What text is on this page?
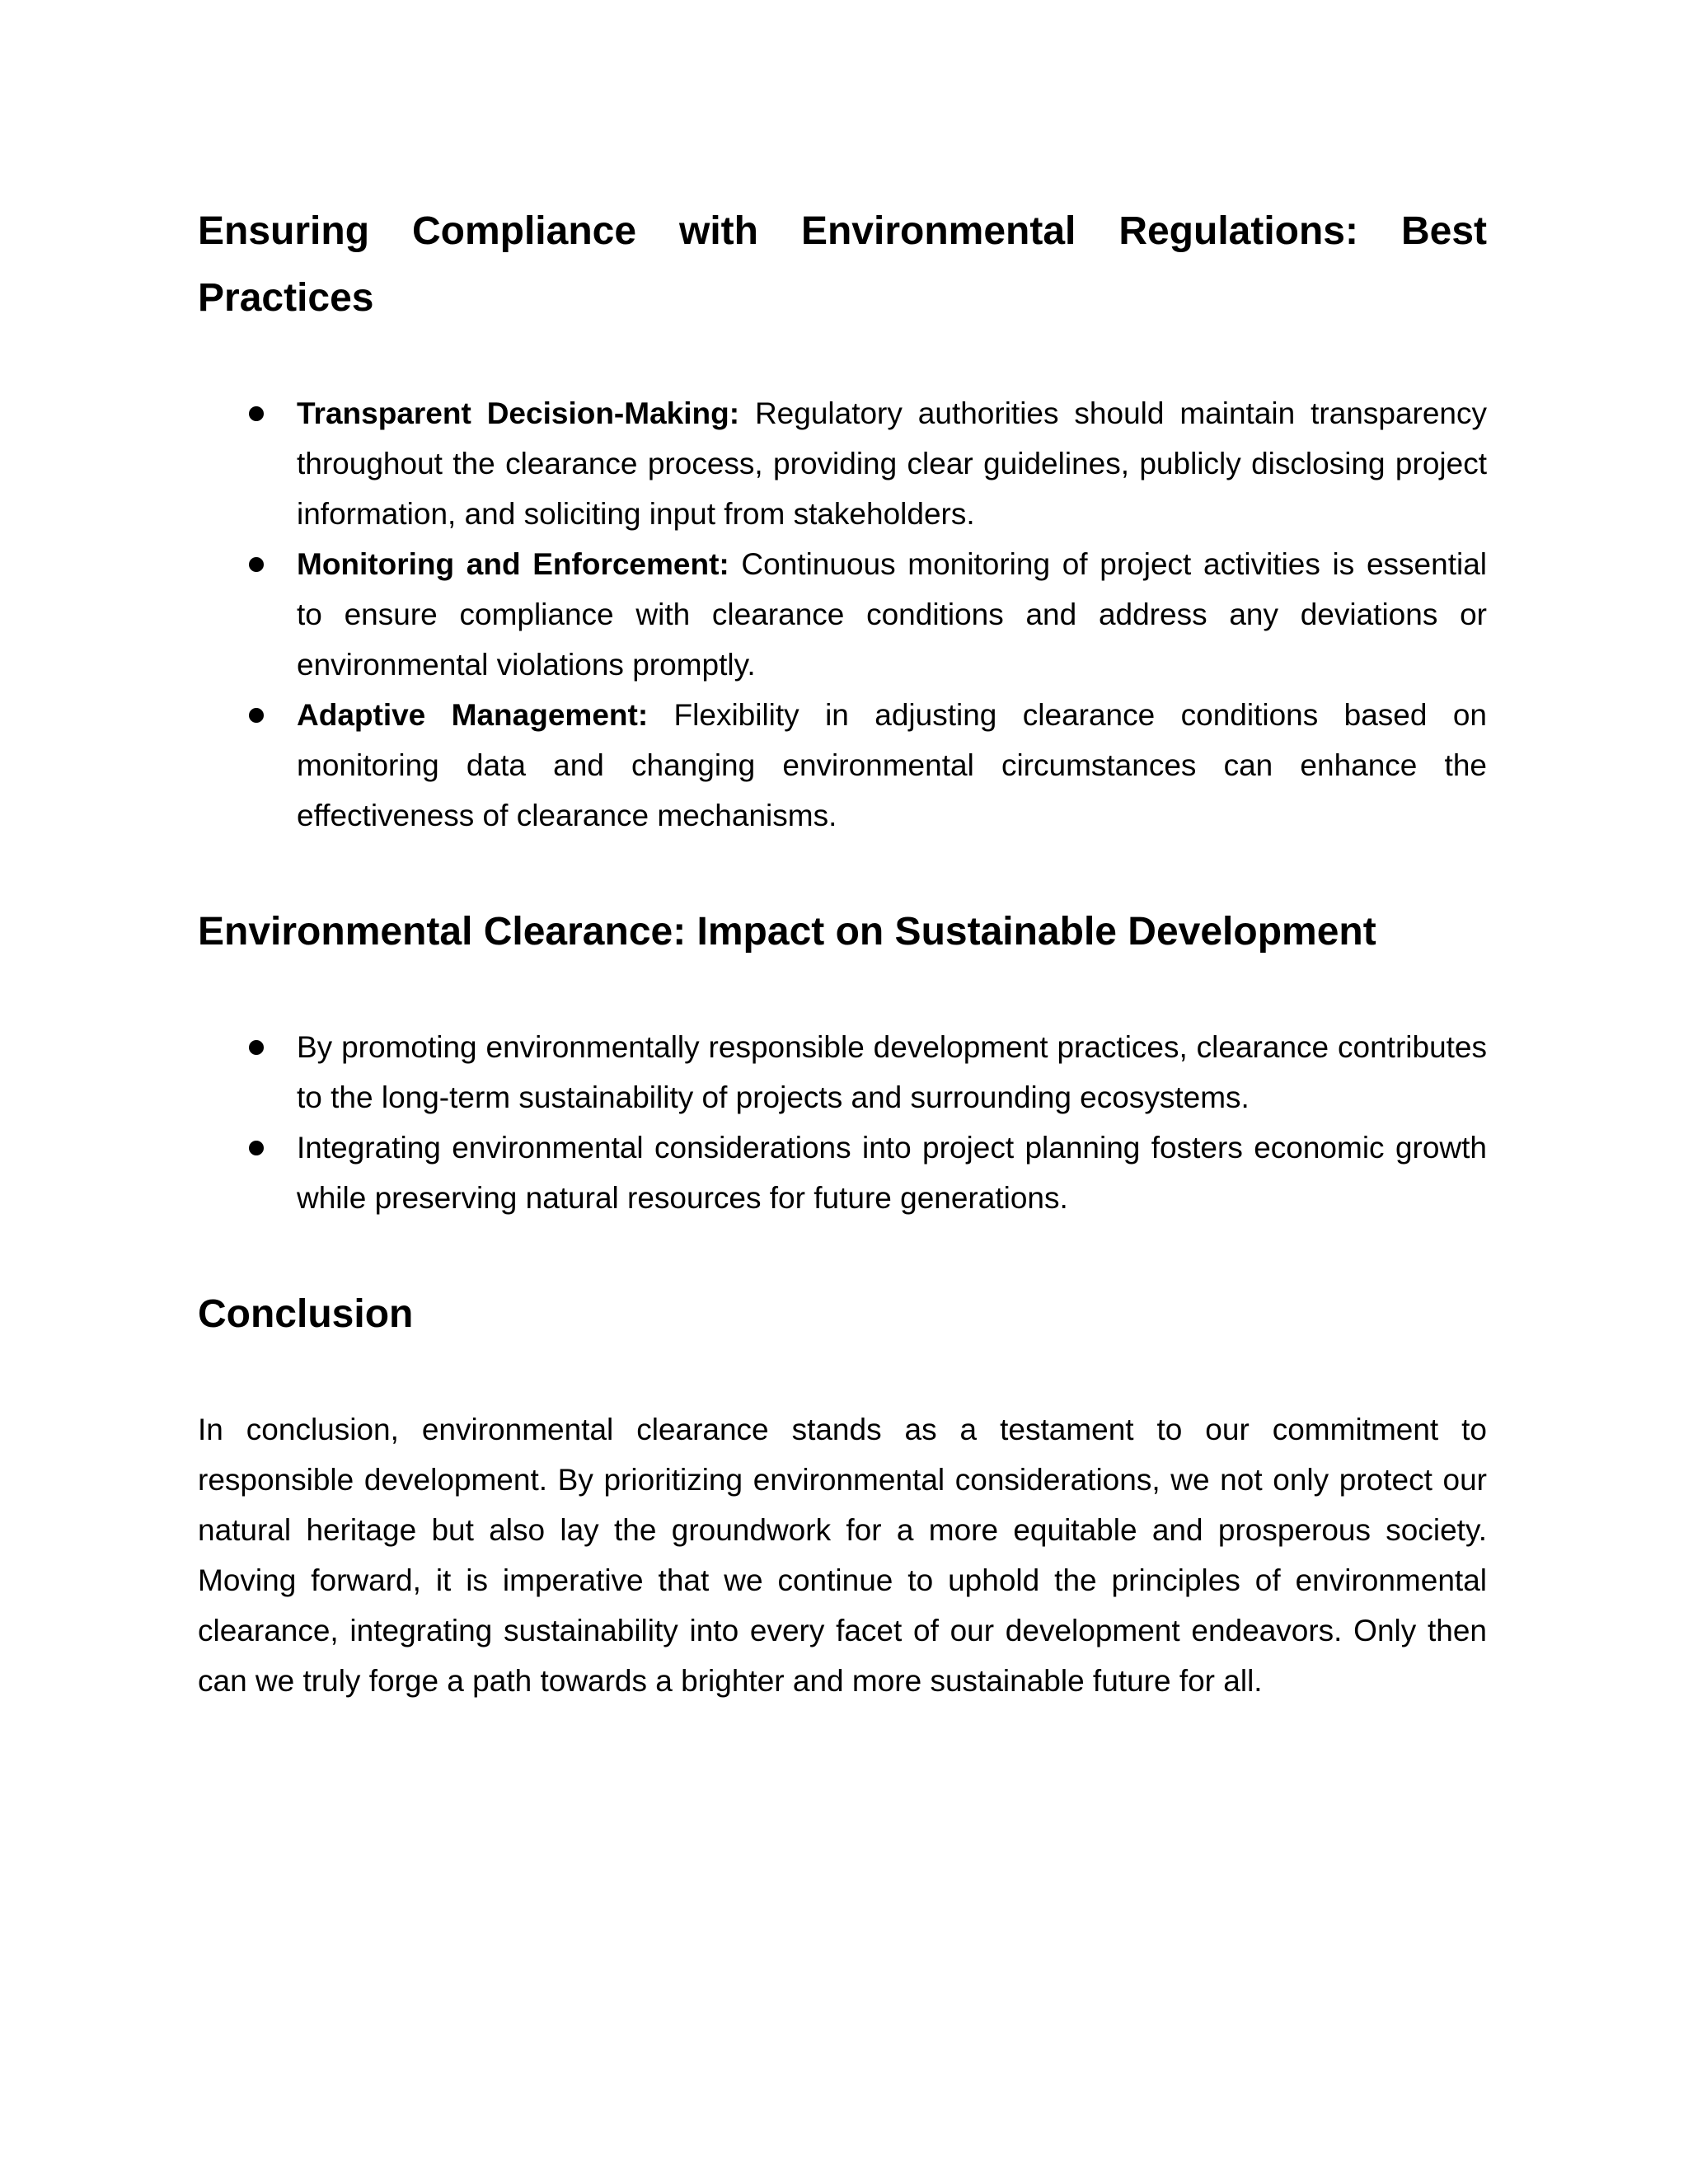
Ensuring Compliance with Environmental Regulations: Best Practices
Transparent Decision-Making: Regulatory authorities should maintain transparency throughout the clearance process, providing clear guidelines, publicly disclosing project information, and soliciting input from stakeholders.
Monitoring and Enforcement: Continuous monitoring of project activities is essential to ensure compliance with clearance conditions and address any deviations or environmental violations promptly.
Adaptive Management: Flexibility in adjusting clearance conditions based on monitoring data and changing environmental circumstances can enhance the effectiveness of clearance mechanisms.
Environmental Clearance: Impact on Sustainable Development
By promoting environmentally responsible development practices, clearance contributes to the long-term sustainability of projects and surrounding ecosystems.
Integrating environmental considerations into project planning fosters economic growth while preserving natural resources for future generations.
Conclusion

In conclusion, environmental clearance stands as a testament to our commitment to responsible development. By prioritizing environmental considerations, we not only protect our natural heritage but also lay the groundwork for a more equitable and prosperous society. Moving forward, it is imperative that we continue to uphold the principles of environmental clearance, integrating sustainability into every facet of our development endeavors. Only then can we truly forge a path towards a brighter and more sustainable future for all.
